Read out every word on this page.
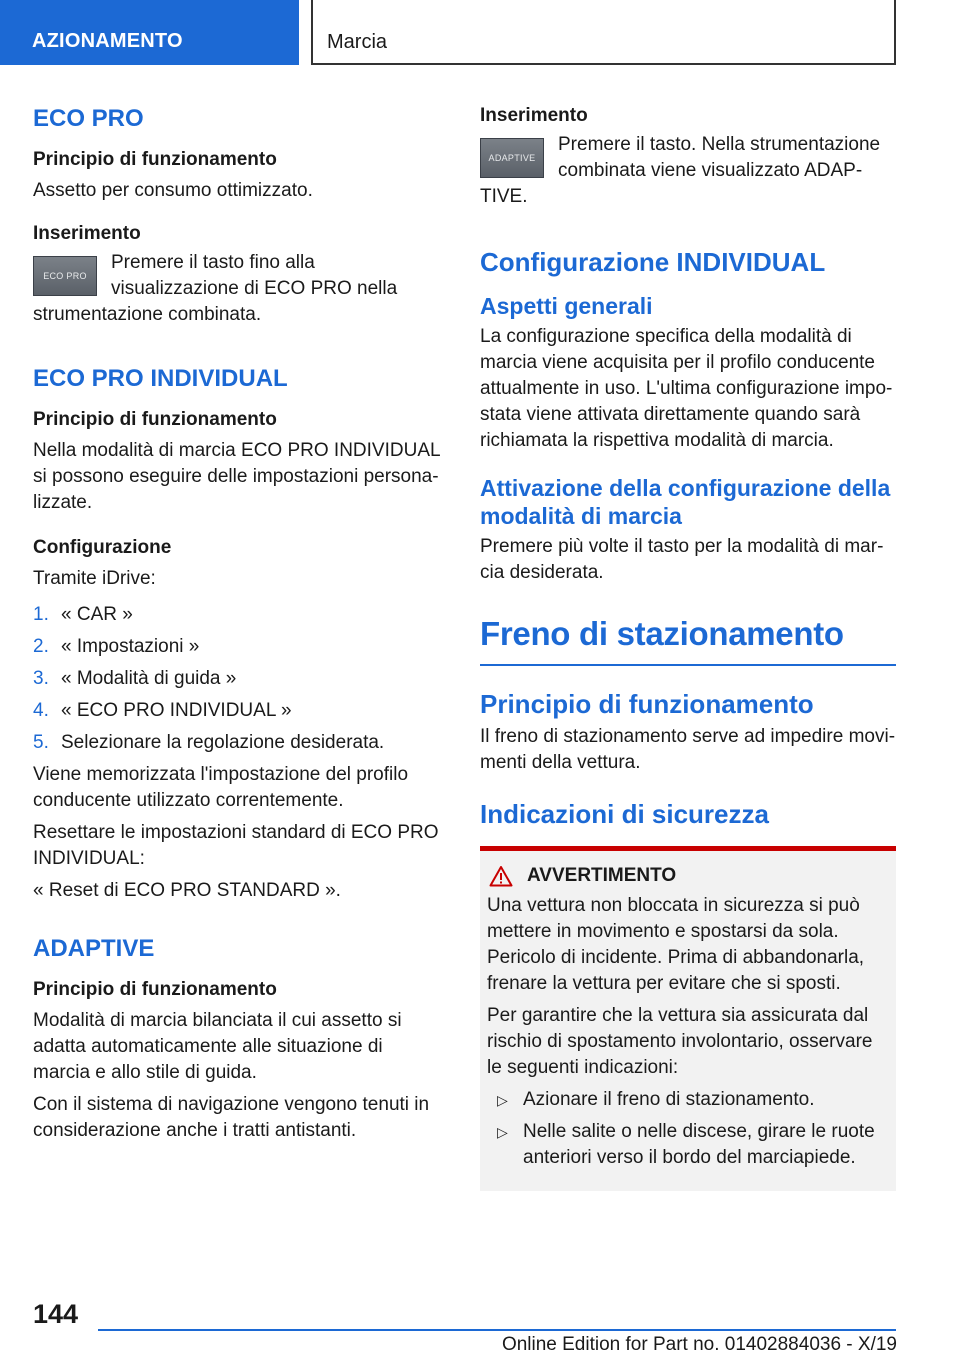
AZIONAMENTO	Marcia
ECO PRO
Principio di funzionamento

Assetto per consumo ottimizzato.

Inserimento
ECO PRO

Premere il tasto fino alla visualizzazione di ECO PRO nella strumentazione combinata.

ECO PRO INDIVIDUAL
Principio di funzionamento

Nella modalità di marcia ECO PRO INDIVIDUAL si possono eseguire delle impostazioni personalizzate.

Configurazione

Tramite iDrive:

1. « CAR »
2. « Impostazioni »
3. « Modalità di guida »
4. « ECO PRO INDIVIDUAL »
5. Selezionare la regolazione desiderata.

Viene memorizzata l'impostazione del profilo conducente utilizzato correntemente.

Resettare le impostazioni standard di ECO PRO INDIVIDUAL:

« Reset di ECO PRO STANDARD ».

ADAPTIVE
Principio di funzionamento

Modalità di marcia bilanciata il cui assetto si adatta automaticamente alle situazione di marcia e allo stile di guida.

Con il sistema di navigazione vengono tenuti in considerazione anche i tratti antistanti.

Inserimento
ADAPTIVE

Premere il tasto. Nella strumentazione combinata viene visualizzato ADAPTIVE.

Configurazione INDIVIDUAL
Aspetti generali

La configurazione specifica della modalità di marcia viene acquisita per il profilo conducente attualmente in uso. L'ultima configurazione impostata viene attivata direttamente quando sarà richiamata la rispettiva modalità di marcia.

Attivazione della configurazione della modalità di marcia

Premere più volte il tasto per la modalità di marcia desiderata.

Freno di stazionamento
Principio di funzionamento

Il freno di stazionamento serve ad impedire movimenti della vettura.

Indicazioni di sicurezza
AVVERTIMENTO

Una vettura non bloccata in sicurezza si può mettere in movimento e spostarsi da sola. Pericolo di incidente. Prima di abbandonarla, frenare la vettura per evitare che si sposti.

Per garantire che la vettura sia assicurata dal rischio di spostamento involontario, osservare le seguenti indicazioni:

▷ Azionare il freno di stazionamento.
▷ Nelle salite o nelle discese, girare le ruote anteriori verso il bordo del marciapiede.
144
Online Edition for Part no. 01402884036 - X/19
